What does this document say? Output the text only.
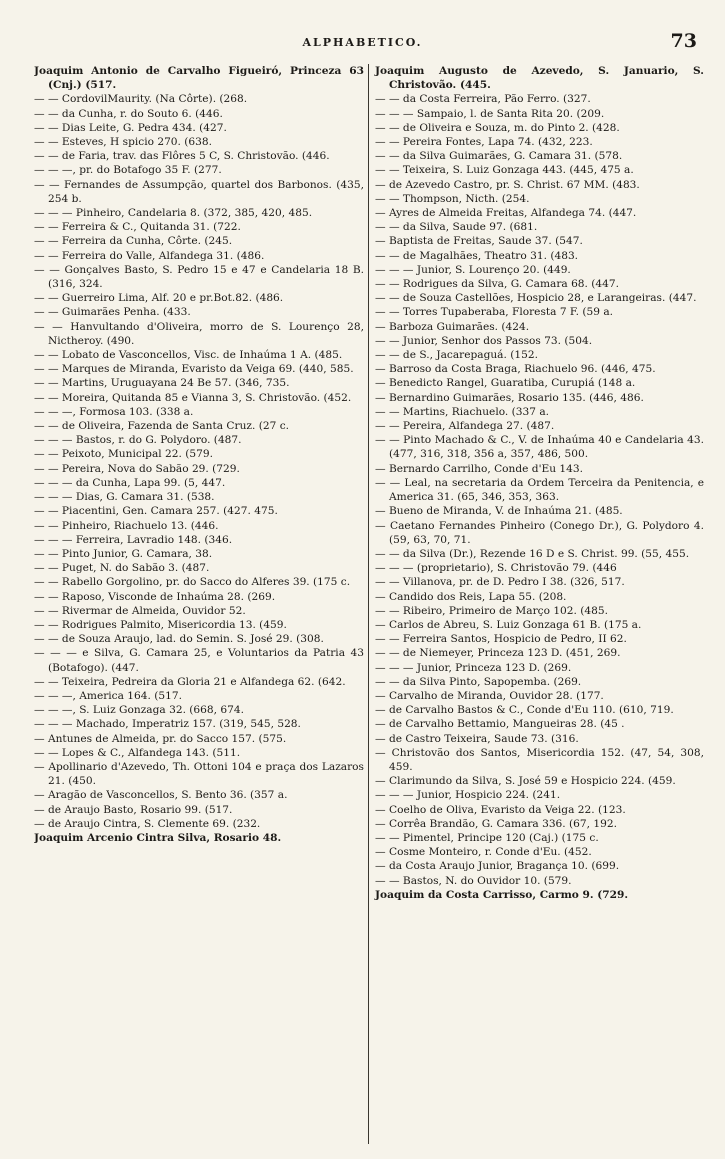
ALPHABETICO.	73
Joaquim Antonio de Carvalho Figueiró, Princeza 63 (Cnj.) (517.
— — CordovilMaurity. (Na Côrte). (268.
— — da Cunha, r. do Souto 6. (446.
— — Dias Leite, G. Pedra 434. (427.
— — Esteves, H spicio 270. (638.
— — de Faria, trav. das Flôres 5 C, S. Christovão. (446.
— — —, pr. do Botafogo 35 F. (277.
— — Fernandes de Assumpção, quartel dos Barbonos. (435, 254 b.
— — — Pinheiro, Candelaria 8. (372, 385, 420, 485.
— — Ferreira & C., Quitanda 31. (722.
— — Ferreira da Cunha, Côrte. (245.
— — Ferreira do Valle, Alfandega 31. (486.
— — Gonçalves Basto, S. Pedro 15 e 47 e Candelaria 18 B. (316, 324.
— — Guerreiro Lima, Alf. 20 e pr.Bot.82. (486.
— — Guimarães Penha. (433.
— — Hanvultando d'Oliveira, morro de S. Lourenço 28, Nictheroy. (490.
— — Lobato de Vasconcellos, Visc. de Inhaúma 1 A. (485.
— — Marques de Miranda, Evaristo da Veiga 69. (440, 585.
— — Martins, Uruguayana 24 Be 57. (346, 735.
— — Moreira, Quitanda 85 e Vianna 3, S. Christovão. (452.
— — —, Formosa 103. (338 a.
— — de Oliveira, Fazenda de Santa Cruz. (27 c.
— — — Bastos, r. do G. Polydoro. (487.
— — Peixoto, Municipal 22. (579.
— — Pereira, Nova do Sabão 29. (729.
— — — da Cunha, Lapa 99. (5, 447.
— — — Dias, G. Camara 31. (538.
— — Piacentini, Gen. Camara 257. (427. 475.
— — Pinheiro, Riachuelo 13. (446.
— — — Ferreira, Lavradio 148. (346.
— — Pinto Junior, G. Camara, 38.
— — Puget, N. do Sabão 3. (487.
— — Rabello Gorgolino, pr. do Sacco do Alferes 39. (175 c.
— — Raposo, Visconde de Inhaúma 28. (269.
— — Rivermar de Almeida, Ouvidor 52.
— — Rodrigues Palmito, Misericordia 13. (459.
— — de Souza Araujo, lad. do Semin. S. José 29. (308.
— — — e Silva, G. Camara 25, e Voluntarios da Patria 43 (Botafogo). (447.
— — Teixeira, Pedreira da Gloria 21 e Alfandega 62. (642.
— — —, America 164. (517.
— — —, S. Luiz Gonzaga 32. (668, 674.
— — — Machado, Imperatriz 157. (319, 545, 528.
— Antunes de Almeida, pr. do Sacco 157. (575.
— — Lopes & C., Alfandega 143. (511.
— Apollinario d'Azevedo, Th. Ottoni 104 e praça dos Lazaros 21. (450.
— Aragão de Vasconcellos, S. Bento 36. (357 a.
— de Araujo Basto, Rosario 99. (517.
— de Araujo Cintra, S. Clemente 69. (232.
Joaquim Arcenio Cintra Silva, Rosario 48.
Joaquim Augusto de Azevedo, S. Januario, S. Christovão. (445.
— — da Costa Ferreira, Pão Ferro. (327.
— — — Sampaio, l. de Santa Rita 20. (209.
— — de Oliveira e Souza, m. do Pinto 2. (428.
— — Pereira Fontes, Lapa 74. (432, 223.
— — da Silva Guimarães, G. Camara 31. (578.
— — Teixeira, S. Luiz Gonzaga 443. (445, 475 a.
— de Azevedo Castro, pr. S. Christ. 67 MM. (483.
— — Thompson, Nicth. (254.
— Ayres de Almeida Freitas, Alfandega 74. (447.
— — da Silva, Saude 97. (681.
— Baptista de Freitas, Saude 37. (547.
— — de Magalhães, Theatro 31. (483.
— — — Junior, S. Lourenço 20. (449.
— — Rodrigues da Silva, G. Camara 68. (447.
— — de Souza Castellões, Hospicio 28, e Larangeiras. (447.
— — Torres Tupaberaba, Floresta 7 F. (59 a.
— Barboza Guimarães. (424.
— — Junior, Senhor dos Passos 73. (504.
— — de S., Jacarepaguá. (152.
— Barroso da Costa Braga, Riachuelo 96. (446, 475.
— Benedicto Rangel, Guaratiba, Curupiá (148 a.
— Bernardino Guimarães, Rosario 135. (446, 486.
— — Martins, Riachuelo. (337 a.
— — Pereira, Alfandega 27. (487.
— — Pinto Machado & C., V. de Inhaúma 40 e Candelaria 43. (477, 316, 318, 356 a, 357, 486, 500.
— Bernardo Carrilho, Conde d'Eu 143.
— — Leal, na secretaria da Ordem Terceira da Penitencia, e America 31. (65, 346, 353, 363.
— Bueno de Miranda, V. de Inhaúma 21. (485.
— Caetano Fernandes Pinheiro (Conego Dr.), G. Polydoro 4. (59, 63, 70, 71.
— — da Silva (Dr.), Rezende 16 D e S. Christ. 99. (55, 455.
— — — (proprietario), S. Christovão 79. (446
— — Villanova, pr. de D. Pedro I 38. (326, 517.
— Candido dos Reis, Lapa 55. (208.
— — Ribeiro, Primeiro de Março 102. (485.
— Carlos de Abreu, S. Luiz Gonzaga 61 B. (175 a.
— — Ferreira Santos, Hospicio de Pedro, II 62.
— — de Niemeyer, Princeza 123 D. (451, 269.
— — — Junior, Princeza 123 D. (269.
— — da Silva Pinto, Sapopemba. (269.
— Carvalho de Miranda, Ouvidor 28. (177.
— de Carvalho Bastos & C., Conde d'Eu 110. (610, 719.
— de Carvalho Bettamio, Mangueiras 28. (45 .
— de Castro Teixeira, Saude 73. (316.
— Christovão dos Santos, Misericordia 152. (47, 54, 308, 459.
— Clarimundo da Silva, S. José 59 e Hospicio 224. (459.
— — — Junior, Hospicio 224. (241.
— Coelho de Oliva, Evaristo da Veiga 22. (123.
— Corrêa Brandão, G. Camara 336. (67, 192.
— — Pimentel, Principe 120 (Caj.) (175 c.
— Cosme Monteiro, r. Conde d'Eu. (452.
— da Costa Araujo Junior, Bragança 10. (699.
— — Bastos, N. do Ouvidor 10. (579.
Joaquim da Costa Carrisso, Carmo 9. (729.
